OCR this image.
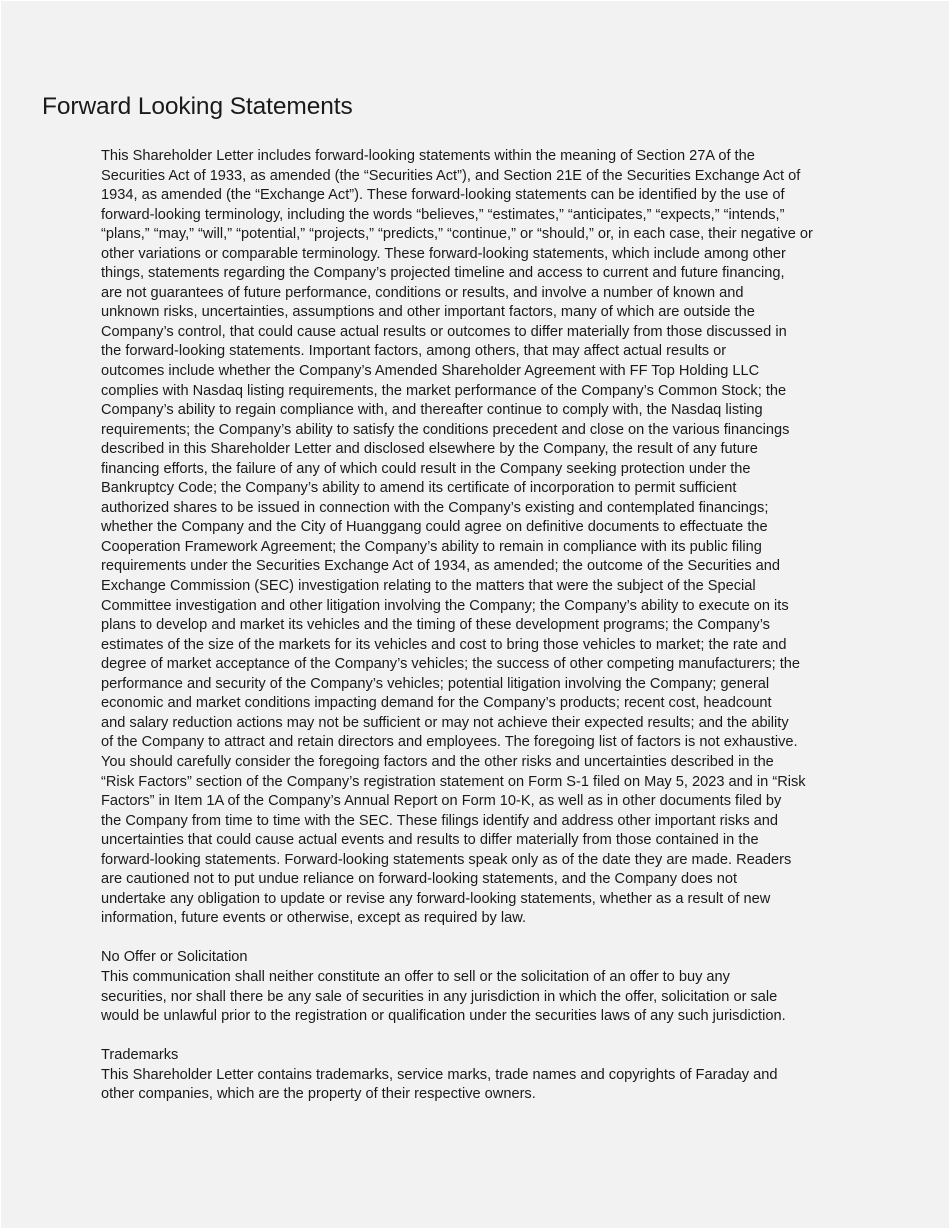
Forward Looking Statements
This Shareholder Letter includes forward-looking statements within the meaning of Section 27A of the
Securities Act of 1933, as amended (the “Securities Act”), and Section 21E of the Securities Exchange Act of
1934, as amended (the “Exchange Act”). These forward-looking statements can be identified by the use of
forward-looking terminology, including the words “believes,” “estimates,” “anticipates,” “expects,” “intends,”
“plans,” “may,” “will,” “potential,” “projects,” “predicts,” “continue,” or “should,” or, in each case, their negative or
other variations or comparable terminology. These forward-looking statements, which include among other
things, statements regarding the Company’s projected timeline and access to current and future financing,
are not guarantees of future performance, conditions or results, and involve a number of known and
unknown risks, uncertainties, assumptions and other important factors, many of which are outside the
Company’s control, that could cause actual results or outcomes to differ materially from those discussed in
the forward-looking statements. Important factors, among others, that may affect actual results or
outcomes include whether the Company’s Amended Shareholder Agreement with FF Top Holding LLC
complies with Nasdaq listing requirements, the market performance of the Company’s Common Stock; the
Company’s ability to regain compliance with, and thereafter continue to comply with, the Nasdaq listing
requirements; the Company’s ability to satisfy the conditions precedent and close on the various financings
described in this Shareholder Letter and disclosed elsewhere by the Company, the result of any future
financing efforts, the failure of any of which could result in the Company seeking protection under the
Bankruptcy Code; the Company’s ability to amend its certificate of incorporation to permit sufficient
authorized shares to be issued in connection with the Company’s existing and contemplated financings;
whether the Company and the City of Huanggang could agree on definitive documents to effectuate the
Cooperation Framework Agreement; the Company’s ability to remain in compliance with its public filing
requirements under the Securities Exchange Act of 1934, as amended; the outcome of the Securities and
Exchange Commission (SEC) investigation relating to the matters that were the subject of the Special
Committee investigation and other litigation involving the Company; the Company’s ability to execute on its
plans to develop and market its vehicles and the timing of these development programs; the Company’s
estimates of the size of the markets for its vehicles and cost to bring those vehicles to market; the rate and
degree of market acceptance of the Company’s vehicles; the success of other competing manufacturers; the
performance and security of the Company’s vehicles; potential litigation involving the Company; general
economic and market conditions impacting demand for the Company’s products; recent cost, headcount
and salary reduction actions may not be sufficient or may not achieve their expected results; and the ability
of the Company to attract and retain directors and employees. The foregoing list of factors is not exhaustive.
You should carefully consider the foregoing factors and the other risks and uncertainties described in the
“Risk Factors” section of the Company’s registration statement on Form S-1 filed on May 5, 2023 and in “Risk
Factors” in Item 1A of the Company’s Annual Report on Form 10-K, as well as in other documents filed by
the Company from time to time with the SEC. These filings identify and address other important risks and
uncertainties that could cause actual events and results to differ materially from those contained in the
forward-looking statements. Forward-looking statements speak only as of the date they are made. Readers
are cautioned not to put undue reliance on forward-looking statements, and the Company does not
undertake any obligation to update or revise any forward-looking statements, whether as a result of new
information, future events or otherwise, except as required by law.
No Offer or Solicitation
This communication shall neither constitute an offer to sell or the solicitation of an offer to buy any
securities, nor shall there be any sale of securities in any jurisdiction in which the offer, solicitation or sale
would be unlawful prior to the registration or qualification under the securities laws of any such jurisdiction.
Trademarks
This Shareholder Letter contains trademarks, service marks, trade names and copyrights of Faraday and
other companies, which are the property of their respective owners.
